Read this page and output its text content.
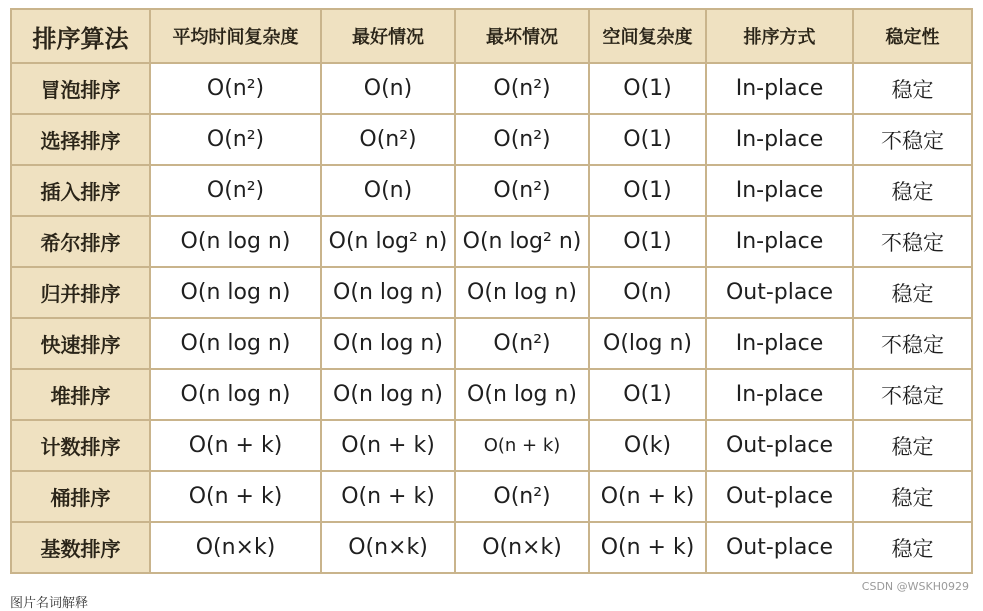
排序算法	平均时间复杂度	最好情况	最坏情况	空间复杂度	排序方式	稳定性
冒泡排序	O(n²)	O(n)	O(n²)	O(1)	In-place	稳定
选择排序	O(n²)	O(n²)	O(n²)	O(1)	In-place	不稳定
插入排序	O(n²)	O(n)	O(n²)	O(1)	In-place	稳定
希尔排序	O(n log n)	O(n log² n)	O(n log² n)	O(1)	In-place	不稳定
归并排序	O(n log n)	O(n log n)	O(n log n)	O(n)	Out-place	稳定
快速排序	O(n log n)	O(n log n)	O(n²)	O(log n)	In-place	不稳定
堆排序	O(n log n)	O(n log n)	O(n log n)	O(1)	In-place	不稳定
计数排序	O(n + k)	O(n + k)	O(n + k)	O(k)	Out-place	稳定
桶排序	O(n + k)	O(n + k)	O(n²)	O(n + k)	Out-place	稳定
基数排序	O(n×k)	O(n×k)	O(n×k)	O(n + k)	Out-place	稳定
CSDN @WSKH0929
图片名词解释
